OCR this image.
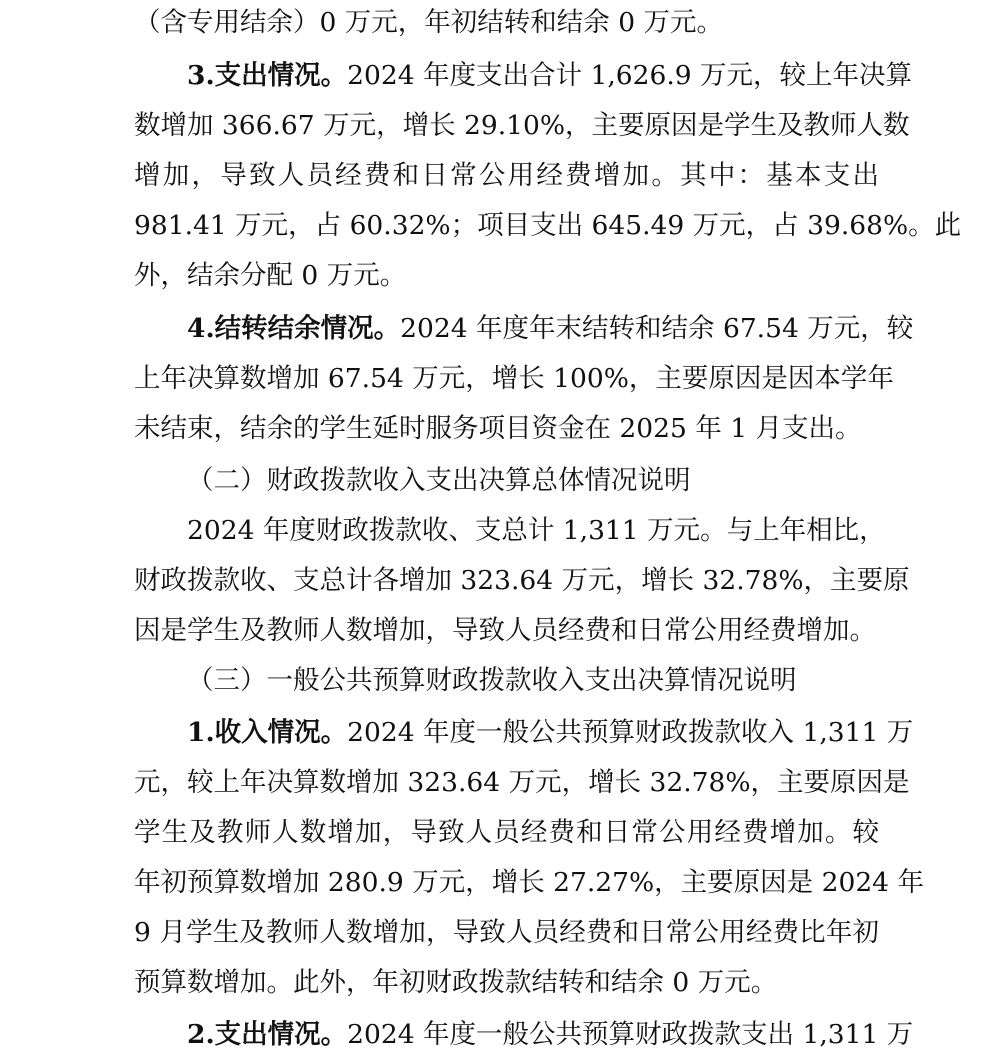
（含专用结余）0 万元，年初结转和结余 0 万元。
3.支出情况。2024 年度支出合计 1,626.9 万元，较上年决算
数增加 366.67 万元，增长 29.10%，主要原因是学生及教师人数
增加，导致人员经费和日常公用经费增加。其中：基本支出
981.41 万元，占 60.32%；项目支出 645.49 万元，占 39.68%。此
外，结余分配 0 万元。
4.结转结余情况。2024 年度年末结转和结余 67.54 万元，较
上年决算数增加 67.54 万元，增长 100%，主要原因是因本学年
未结束，结余的学生延时服务项目资金在 2025 年 1 月支出。
（二）财政拨款收入支出决算总体情况说明
2024 年度财政拨款收、支总计 1,311 万元。与上年相比，
财政拨款收、支总计各增加 323.64 万元，增长 32.78%，主要原
因是学生及教师人数增加，导致人员经费和日常公用经费增加。
（三）一般公共预算财政拨款收入支出决算情况说明
1.收入情况。2024 年度一般公共预算财政拨款收入 1,311 万
元，较上年决算数增加 323.64 万元，增长 32.78%，主要原因是
学生及教师人数增加，导致人员经费和日常公用经费增加。较
年初预算数增加 280.9 万元，增长 27.27%，主要原因是 2024 年
9 月学生及教师人数增加，导致人员经费和日常公用经费比年初
预算数增加。此外，年初财政拨款结转和结余 0 万元。
2.支出情况。2024 年度一般公共预算财政拨款支出 1,311 万
